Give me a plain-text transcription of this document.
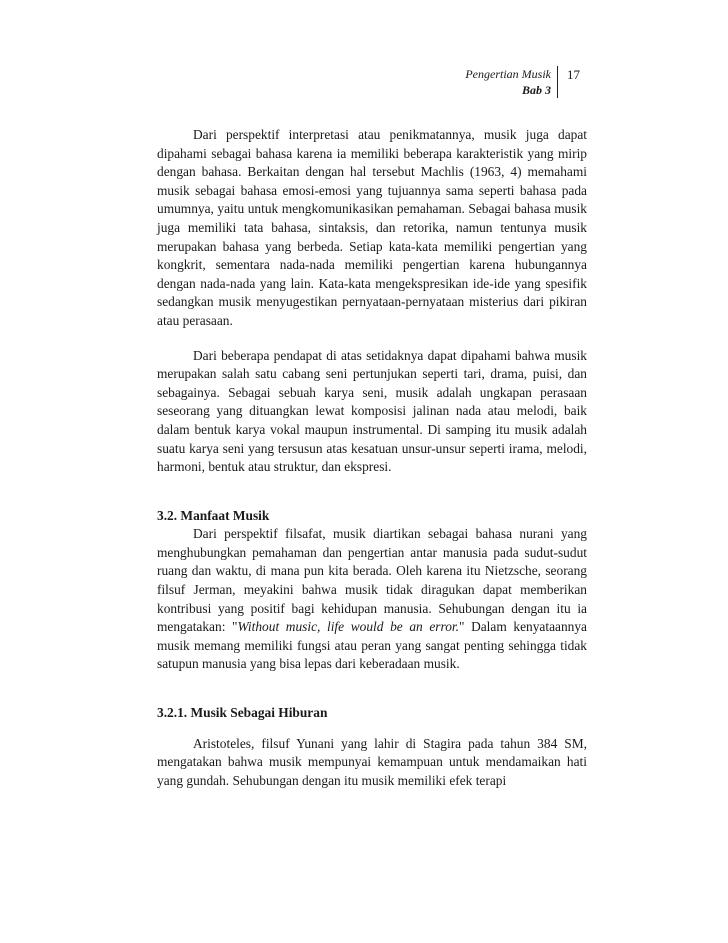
Pengertian Musik
Bab 3
17

Dari perspektif interpretasi atau penikmatannya, musik juga dapat dipahami sebagai bahasa karena ia memiliki beberapa karakteristik yang mirip dengan bahasa. Berkaitan dengan hal tersebut Machlis (1963, 4) memahami musik sebagai bahasa emosi-emosi yang tujuannya sama seperti bahasa pada umumnya, yaitu untuk mengkomunikasikan pemahaman. Sebagai bahasa musik juga memiliki tata bahasa, sintaksis, dan retorika, namun tentunya musik merupakan bahasa yang berbeda. Setiap kata-kata memiliki pengertian yang kongkrit, sementara nada-nada memiliki pengertian karena hubungannya dengan nada-nada yang lain. Kata-kata mengekspresikan ide-ide yang spesifik sedangkan musik menyugestikan pernyataan-pernyataan misterius dari pikiran atau perasaan.

Dari beberapa pendapat di atas setidaknya dapat dipahami bahwa musik merupakan salah satu cabang seni pertunjukan seperti tari, drama, puisi, dan sebagainya. Sebagai sebuah karya seni, musik adalah ungkapan perasaan seseorang yang dituangkan lewat komposisi jalinan nada atau melodi, baik dalam bentuk karya vokal maupun instrumental. Di samping itu musik adalah suatu karya seni yang tersusun atas kesatuan unsur-unsur seperti irama, melodi, harmoni, bentuk atau struktur, dan ekspresi.

3.2. Manfaat Musik

Dari perspektif filsafat, musik diartikan sebagai bahasa nurani yang menghubungkan pemahaman dan pengertian antar manusia pada sudut-sudut ruang dan waktu, di mana pun kita berada. Oleh karena itu Nietzsche, seorang filsuf Jerman, meyakini bahwa musik tidak diragukan dapat memberikan kontribusi yang positif bagi kehidupan manusia. Sehubungan dengan itu ia mengatakan: "Without music, life would be an error." Dalam kenyataannya musik memang memiliki fungsi atau peran yang sangat penting sehingga tidak satupun manusia yang bisa lepas dari keberadaan musik.

3.2.1. Musik Sebagai Hiburan

Aristoteles, filsuf Yunani yang lahir di Stagira pada tahun 384 SM, mengatakan bahwa musik mempunyai kemampuan untuk mendamaikan hati yang gundah. Sehubungan dengan itu musik memiliki efek terapi
